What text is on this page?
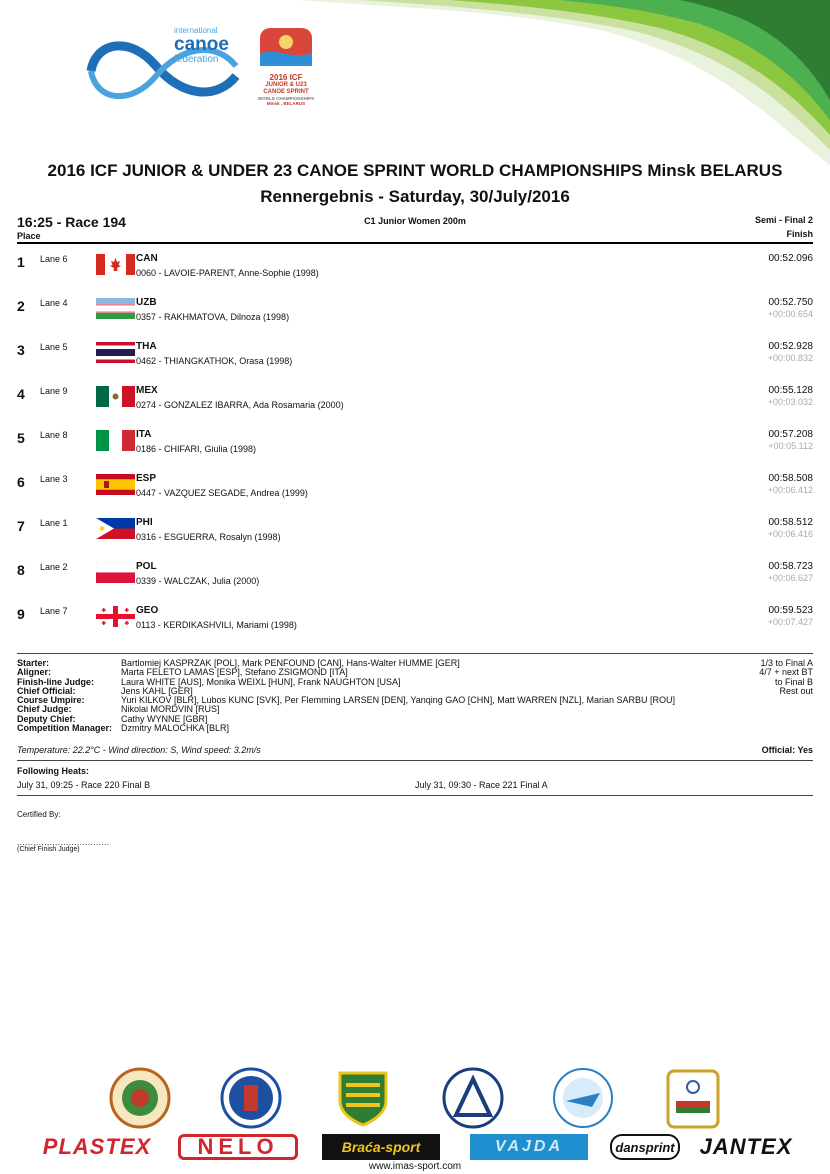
international
canoe
federation
2016 ICF
JUNIOR & U23
CANOE SPRINT
WORLD CHAMPIONSHIPS
Minsk , BELARUS
2016 ICF JUNIOR & UNDER 23 CANOE SPRINT WORLD CHAMPIONSHIPS Minsk BELARUS
Rennergebnis - Saturday, 30/July/2016
16:25 - Race 194	C1 Junior Women 200m	Semi - Final 2
Place	Finish
1 Lane 6	CAN
0060 - LAVOIE-PARENT, Anne-Sophie (1998)
00:52.096
2 Lane 4	UZB
0357 - RAKHMATOVA, Dilnoza (1998)
00:52.750
+00:00.654
3 Lane 5	THA
0462 - THIANGKATHOK, Orasa (1998)
00:52.928
+00:00.832
4 Lane 9	MEX
0274 - GONZALEZ IBARRA, Ada Rosamaria (2000)
00:55.128
+00:03.032
5 Lane 8	ITA
0186 - CHIFARI, Giulia (1998)
00:57.208
+00:05.112
6 Lane 3	ESP
0447 - VAZQUEZ SEGADE, Andrea (1999)
00:58.508
+00:06.412
7 Lane 1	PHI
0316 - ESGUERRA, Rosalyn (1998)
00:58.512
+00:06.416
8 Lane 2	POL
0339 - WALCZAK, Julia (2000)
00:58.723
+00:06.627
9 Lane 7	GEO
0113 - KERDIKASHVILI, Mariami (1998)
00:59.523
+00:07.427
Starter:	Bartlomiej KASPRZAK [POL], Mark PENFOUND [CAN], Hans-Walter HUMME [GER]
Aligner:	Marta FELETO LAMAS [ESP], Stefano ZSIGMOND [ITA]
Finish-line Judge:	Laura WHITE [AUS], Monika WEIXL [HUN], Frank NAUGHTON [USA]
Chief Official:	Jens KAHL [GER]
Course Umpire:	Yuri KILKOV [BLR], Lubos KUNC [SVK], Per Flemming LARSEN [DEN], Yanqing GAO [CHN], Matt WARREN [NZL], Marian SARBU [ROU]
Chief Judge:	Nikolai MORDVIN [RUS]
Deputy Chief:	Cathy WYNNE [GBR]
Competition Manager: Dzmitry MALOCHKA [BLR]
1/3 to Final A
4/7 + next BT
to Final B
Rest out
Temperature: 22.2°C - Wind direction: S, Wind speed: 3.2m/s	Official: Yes
Following Heats:
July 31, 09:25 - Race 220 Final B	July 31, 09:30 - Race 221 Final A
Certified By:
..................................
(Chief Finish Judge)
PLASTEX	NELO	Braća-sport	VAJDA	dansprint JANTEX
www.imas-sport.com
